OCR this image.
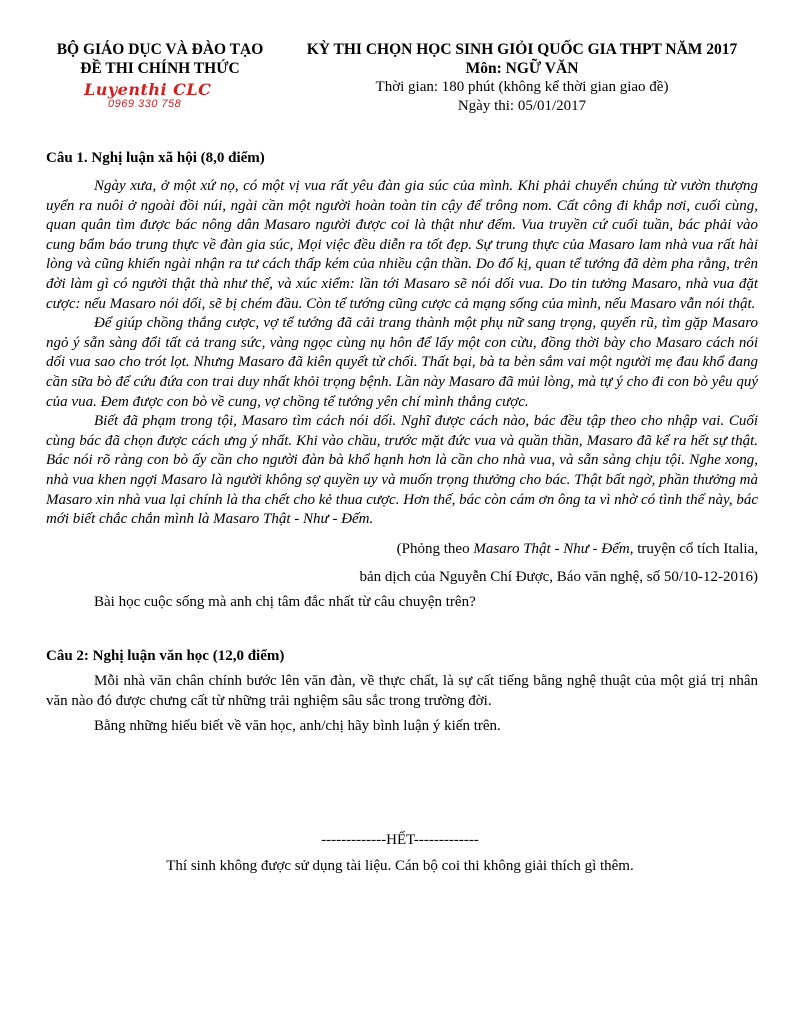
BỘ GIÁO DỤC VÀ ĐÀO TẠO
ĐỀ THI CHÍNH THỨC
Luyenthi CLC
0969 330 758
KỲ THI CHỌN HỌC SINH GIỎI QUỐC GIA THPT NĂM 2017
Môn: NGỮ VĂN
Thời gian: 180 phút (không kể thời gian giao đề)
Ngày thi: 05/01/2017

Câu 1. Nghị luận xã hội (8,0 điểm)

Ngày xưa, ở một xứ nọ, có một vị vua rất yêu đàn gia súc của mình. Khi phải chuyển chúng từ vườn thượng uyển ra nuôi ở ngoài đồi núi, ngài cần một người hoàn toàn tin cậy để trông nom. Cất công đi khắp nơi, cuối cùng, quan quân tìm được bác nông dân Masaro người được coi là thật như đếm. Vua truyền cứ cuối tuần, bác phải vào cung bẩm báo trung thực về đàn gia súc, Mọi việc đều diễn ra tốt đẹp. Sự trung thực của Masaro lam nhà vua rất hài lòng và cũng khiến ngài nhận ra tư cách thấp kém của nhiều cận thần. Do đố kị, quan tể tướng đã dèm pha rằng, trên đời làm gì có người thật thà như thế, và xúc xiểm: lần tới Masaro sẽ nói dối vua. Do tin tưởng Masaro, nhà vua đặt cược: nếu Masaro nói dối, sẽ bị chém đầu. Còn tể tướng cũng cược cả mạng sống của mình, nếu Masaro vẫn nói thật.

Để giúp chồng thắng cược, vợ tể tướng đã cải trang thành một phụ nữ sang trọng, quyến rũ, tìm gặp Masaro ngỏ ý sẵn sàng đổi tất cả trang sức, vàng ngọc cùng nụ hôn để lấy một con cừu, đồng thời bày cho Masaro cách nói dối vua sao cho trót lọt. Nhưng Masaro đã kiên quyết từ chối. Thất bại, bà ta bèn sắm vai một người mẹ đau khổ đang cần sữa bò để cứu đứa con trai duy nhất khỏi trọng bệnh. Lần này Masaro đã mủi lòng, mà tự ý cho đi con bò yêu quý của vua. Đem được con bò về cung, vợ chồng tể tướng yên chí mình thắng cược.

Biết đã phạm trong tội, Masaro tìm cách nói dối. Nghĩ được cách nào, bác đều tập theo cho nhập vai. Cuối cùng bác đã chọn được cách ưng ý nhất. Khi vào chầu, trước mặt đức vua và quần thần, Masaro đã kể ra hết sự thật. Bác nói rõ ràng con bò ấy cần cho người đàn bà khổ hạnh hơn là cần cho nhà vua, và sẵn sàng chịu tội. Nghe xong, nhà vua khen ngợi Masaro là người không sợ quyền uy và muốn trọng thưởng cho bác. Thật bất ngờ, phần thưởng mà Masaro xin nhà vua lại chính là tha chết cho kẻ thua cược. Hơn thế, bác còn cám ơn ông ta vì nhờ có tình thế này, bác mới biết chắc chắn mình là Masaro Thật - Như - Đếm.

(Phỏng theo Masaro Thật - Như - Đếm, truyện cổ tích Italia,

bản dịch của Nguyễn Chí Được, Báo văn nghệ, số 50/10-12-2016)

Bài học cuộc sống mà anh chị tâm đắc nhất từ câu chuyện trên?

Câu 2: Nghị luận văn học (12,0 điểm)

Mỗi nhà văn chân chính bước lên văn đàn, về thực chất, là sự cất tiếng bằng nghệ thuật của một giá trị nhân văn nào đó được chưng cất từ những trải nghiệm sâu sắc trong trường đời.

Bằng những hiểu biết về văn học, anh/chị hãy bình luận ý kiến trên.

-------------HẾT-------------
Thí sinh không được sử dụng tài liệu. Cán bộ coi thi không giải thích gì thêm.
